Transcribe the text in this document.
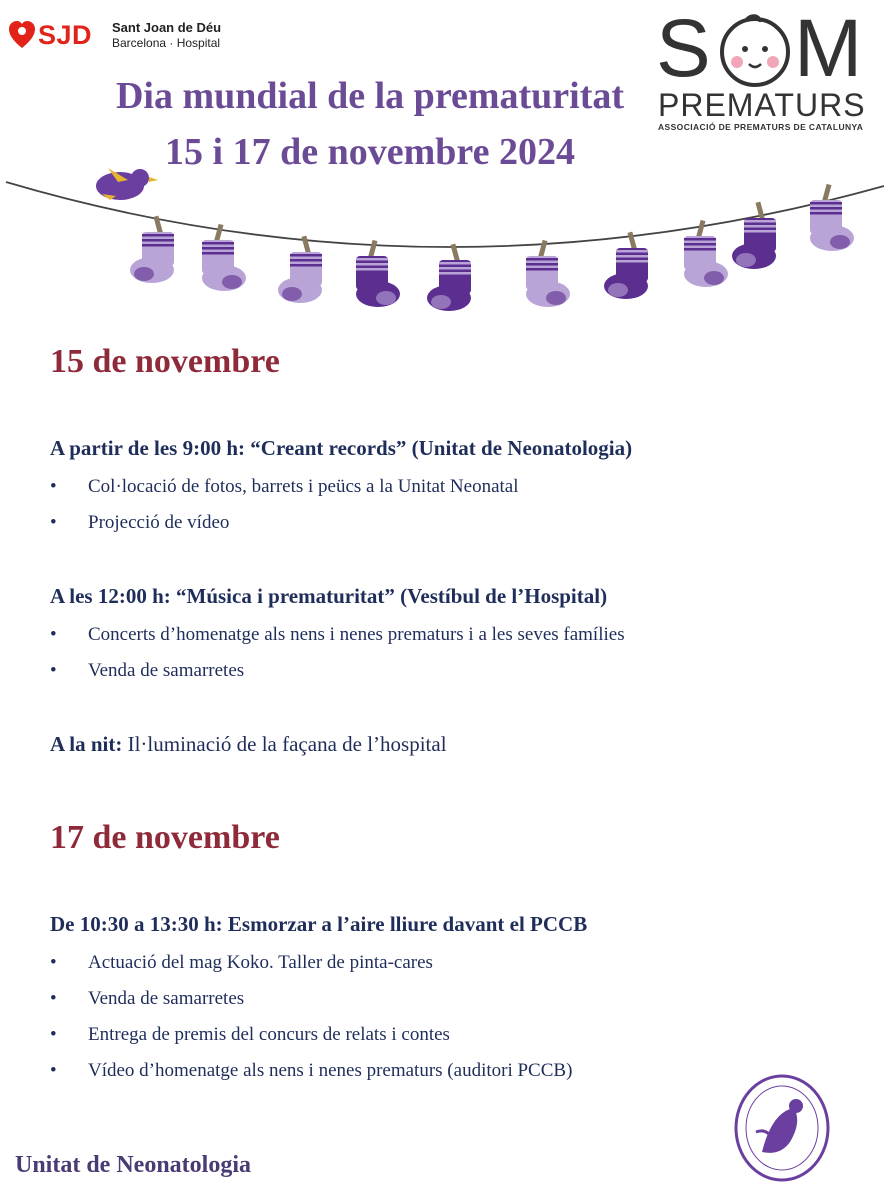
SJD Sant Joan de Déu
Barcelona · Hospital	S M
PREMATURS
ASSOCIACIÓ DE PREMATURS DE CATALUNYA
Dia mundial de la prematuritat
15 i 17 de novembre 2024
15 de novembre
A partir de les 9:00 h: “Creant records” (Unitat de Neonatologia)
• Col·locació de fotos, barrets i peücs a la Unitat Neonatal
• Projecció de vídeo
A les 12:00 h: “Música i prematuritat” (Vestíbul de l’Hospital)
• Concerts d’homenatge als nens i nenes prematurs i a les seves famílies
• Venda de samarretes
A la nit: Il·luminació de la façana de l’hospital
17 de novembre
De 10:30 a 13:30 h: Esmorzar a l’aire lliure davant el PCCB
• Actuació del mag Koko. Taller de pinta-cares
• Venda de samarretes
• Entrega de premis del concurs de relats i contes
• Vídeo d’homenatge als nens i nenes prematurs (auditori PCCB)
Unitat de Neonatologia
